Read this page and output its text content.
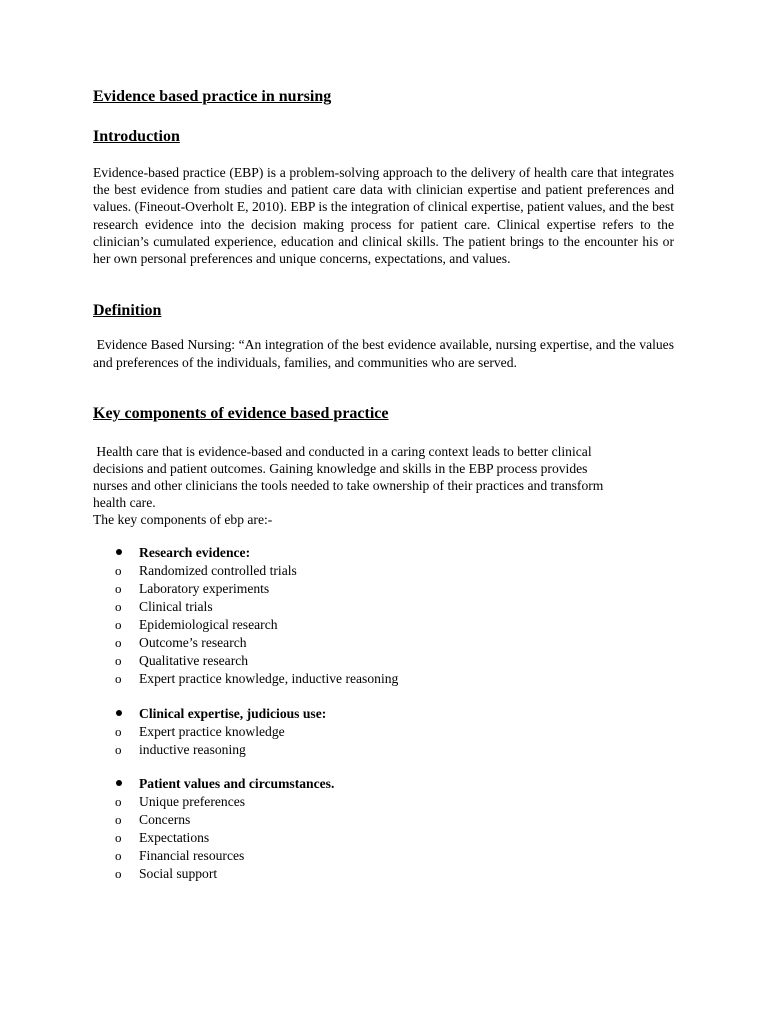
Evidence based practice in nursing
Introduction
Evidence-based practice (EBP) is a problem-solving approach to the delivery of health care that integrates the best evidence from studies and patient care data with clinician expertise and patient preferences and values. (Fineout-Overholt E, 2010). EBP is the integration of clinical expertise, patient values, and the best research evidence into the decision making process for patient care. Clinical expertise refers to the clinician’s cumulated experience, education and clinical skills. The patient brings to the encounter his or her own personal preferences and unique concerns, expectations, and values.
Definition
Evidence Based Nursing: “An integration of the best evidence available, nursing expertise, and the values and preferences of the individuals, families, and communities who are served.
Key components of evidence based practice
Health care that is evidence-based and conducted in a caring context leads to better clinical
decisions and patient outcomes. Gaining knowledge and skills in the EBP process provides
nurses and other clinicians the tools needed to take ownership of their practices and transform
health care.
The key components of ebp are:-
Research evidence:
o Randomized controlled trials
o Laboratory experiments
o Clinical trials
o Epidemiological research
o Outcome’s research
o Qualitative research
o Expert practice knowledge, inductive reasoning
Clinical expertise, judicious use:
o Expert practice knowledge
o inductive reasoning
Patient values and circumstances.
o Unique preferences
o Concerns
o Expectations
o Financial resources
o Social support
